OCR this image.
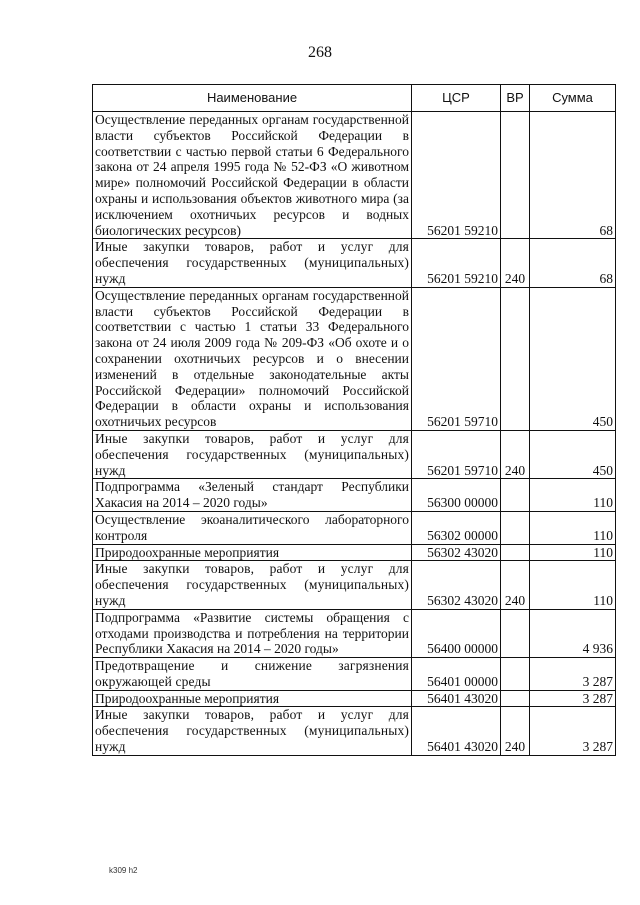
268
Наименование	ЦСР	ВР	Сумма
Осуществление переданных органам государственной власти субъектов Российской Федерации в соответствии с частью первой статьи 6 Федерального закона от 24 апреля 1995 года № 52-ФЗ «О животном мире» полномочий Российской Федерации в области охраны и использования объектов животного мира (за исключением охотничьих ресурсов и водных биологических ресурсов)	56201 59210		68
Иные закупки товаров, работ и услуг для обеспечения государственных (муниципальных) нужд	56201 59210	240	68
Осуществление переданных органам государственной власти субъектов Российской Федерации в соответствии с частью 1 статьи 33 Федерального закона от 24 июля 2009 года № 209-ФЗ «Об охоте и о сохранении охотничьих ресурсов и о внесении изменений в отдельные законодательные акты Российской Федерации» полномочий Российской Федерации в области охраны и использования охотничьих ресурсов	56201 59710		450
Иные закупки товаров, работ и услуг для обеспечения государственных (муниципальных) нужд	56201 59710	240	450
Подпрограмма «Зеленый стандарт Республики Хакасия на 2014 – 2020 годы»	56300 00000		110
Осуществление экоаналитического лабораторного контроля	56302 00000		110
Природоохранные мероприятия	56302 43020		110
Иные закупки товаров, работ и услуг для обеспечения государственных (муниципальных) нужд	56302 43020	240	110
Подпрограмма «Развитие системы обращения с отходами производства и потребления на территории Республики Хакасия на 2014 – 2020 годы»	56400 00000		4 936
Предотвращение и снижение загрязнения окружающей среды	56401 00000		3 287
Природоохранные мероприятия	56401 43020		3 287
Иные закупки товаров, работ и услуг для обеспечения государственных (муниципальных) нужд	56401 43020	240	3 287
k309 h2
